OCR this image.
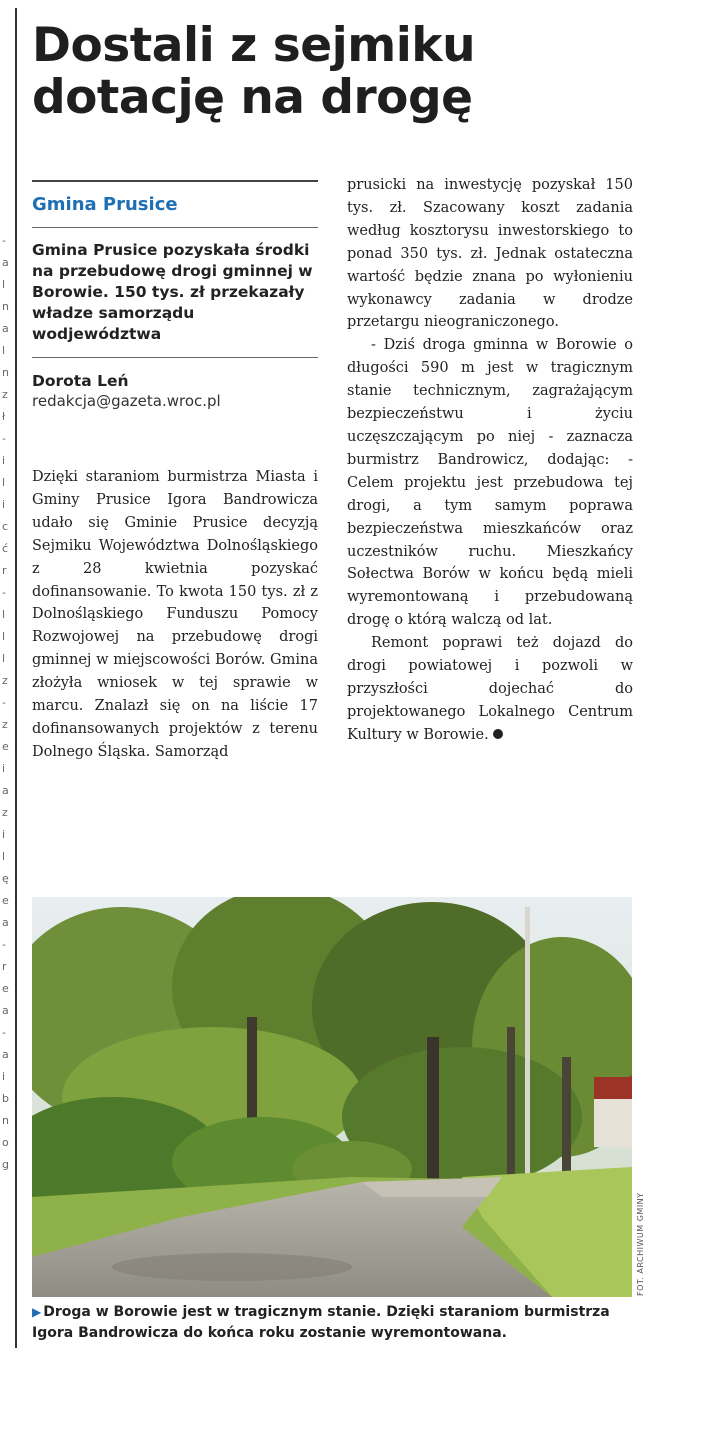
-
a
l
n
a
l
n
z
ł
-
i
l
i
c
ć
r
-
l
l
l
z
-
z
e
i
a
z
i
l
ę
e
a
-
r
e
a
-
a
i
b
n
o
g
Dostali z sejmiku dotację na drogę
Gmina Prusice

Gmina Prusice pozyskała środki na przebudowę drogi gminnej w Borowie. 150 tys. zł przekazały władze samorządu wodjewództwa

Dorota Leń

redakcja@gazeta.wroc.pl

Dzięki staraniom burmistrza Miasta i Gminy Prusice Igora Bandrowicza udało się Gminie Prusice decyzją Sejmiku Województwa Dolnośląskiego z 28 kwietnia pozyskać dofinansowanie. To kwota 150 tys. zł z Dolnośląskiego Funduszu Pomocy Rozwojowej na przebudowę drogi gminnej w miejscowości Borów. Gmina złożyła wniosek w tej sprawie w marcu. Znalazł się on na liście 17 dofinansowanych projektów z terenu Dolnego Śląska. Samorząd

prusicki na inwestycję pozyskał 150 tys. zł. Szacowany koszt zadania według kosztorysu inwestorskiego to ponad 350 tys. zł. Jednak ostateczna wartość będzie znana po wyłonieniu wykonawcy zadania w drodze przetargu nieograniczonego.

- Dziś droga gminna w Borowie o długości 590 m jest w tragicznym stanie technicznym, zagrażającym bezpieczeństwu i życiu uczęszczającym po niej - zaznacza burmistrz Bandrowicz, dodając: - Celem projektu jest przebudowa tej drogi, a tym samym poprawa bezpieczeństwa mieszkańców oraz uczestników ruchu. Mieszkańcy Sołectwa Borów w końcu będą mieli wyremontowaną i przebudowaną drogę o którą walczą od lat.

Remont poprawi też dojazd do drogi powiatowej i pozwoli w przyszłości dojechać do projektowanego Lokalnego Centrum Kultury w Borowie.

FOT. ARCHIWUM GMINY

▶ Droga w Borowie jest w tragicznym stanie. Dzięki staraniom burmistrza Igora Bandrowicza do końca roku zostanie wyremontowana.
